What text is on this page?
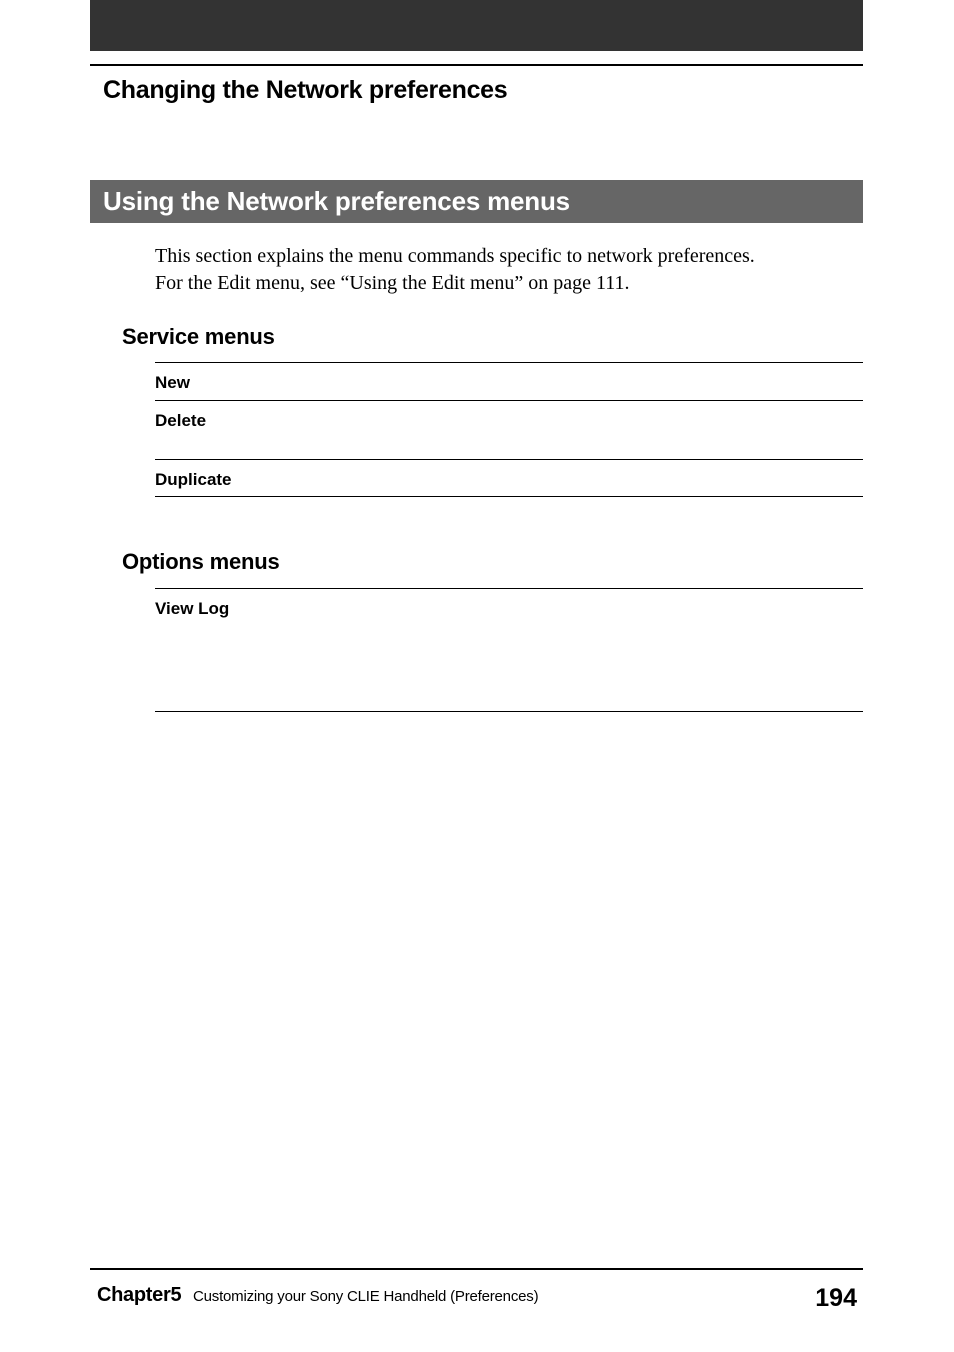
Changing the Network preferences
Using the Network preferences menus

This section explains the menu commands specific to network preferences.

For the Edit menu, see “Using the Edit menu” on page 111.

Service menus
New
Delete
Duplicate
Options menus
View Log
Chapter5 Customizing your Sony CLIE Handheld (Preferences)	194
